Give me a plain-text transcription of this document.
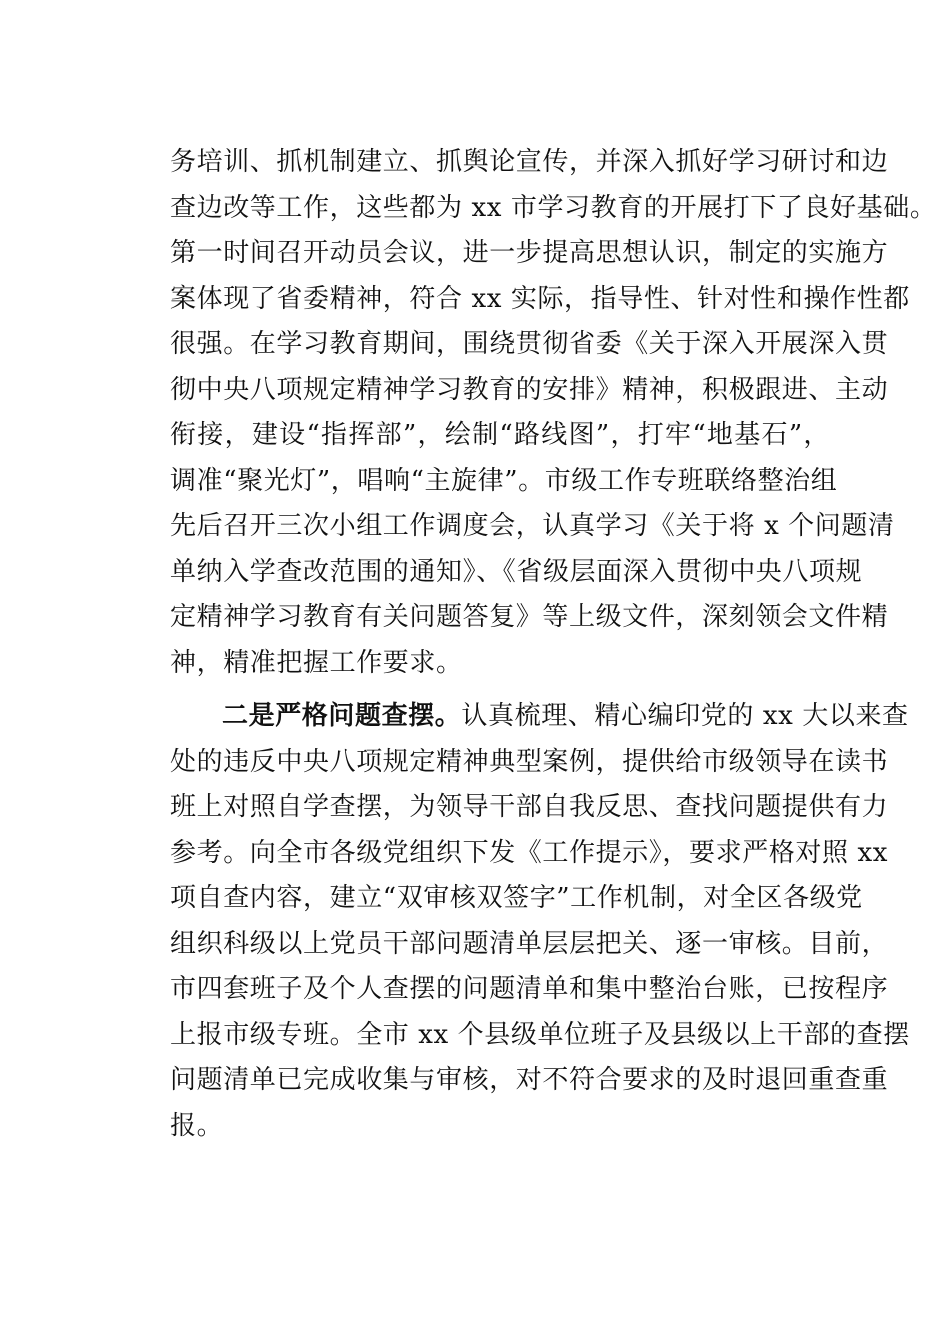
务培训、抓机制建立、抓舆论宣传，并深入抓好学习研讨和边
查边改等工作，这些都为 xx 市学习教育的开展打下了良好基础。
第一时间召开动员会议，进一步提高思想认识，制定的实施方
案体现了省委精神，符合 xx 实际，指导性、针对性和操作性都
很强。在学习教育期间，围绕贯彻省委《关于深入开展深入贯
彻中央八项规定精神学习教育的安排》精神，积极跟进、主动
衔接，建设“指挥部”，绘制“路线图”，打牢“地基石”，
调准“聚光灯”，唱响“主旋律”。市级工作专班联络整治组
先后召开三次小组工作调度会，认真学习《关于将 x 个问题清
单纳入学查改范围的通知》、《省级层面深入贯彻中央八项规
定精神学习教育有关问题答复》等上级文件，深刻领会文件精
神，精准把握工作要求。
二是严格问题查摆。认真梳理、精心编印党的 xx 大以来查
处的违反中央八项规定精神典型案例，提供给市级领导在读书
班上对照自学查摆，为领导干部自我反思、查找问题提供有力
参考。向全市各级党组织下发《工作提示》，要求严格对照 xx
项自查内容，建立“双审核双签字”工作机制，对全区各级党
组织科级以上党员干部问题清单层层把关、逐一审核。目前，
市四套班子及个人查摆的问题清单和集中整治台账，已按程序
上报市级专班。全市 xx 个县级单位班子及县级以上干部的查摆
问题清单已完成收集与审核，对不符合要求的及时退回重查重
报。
